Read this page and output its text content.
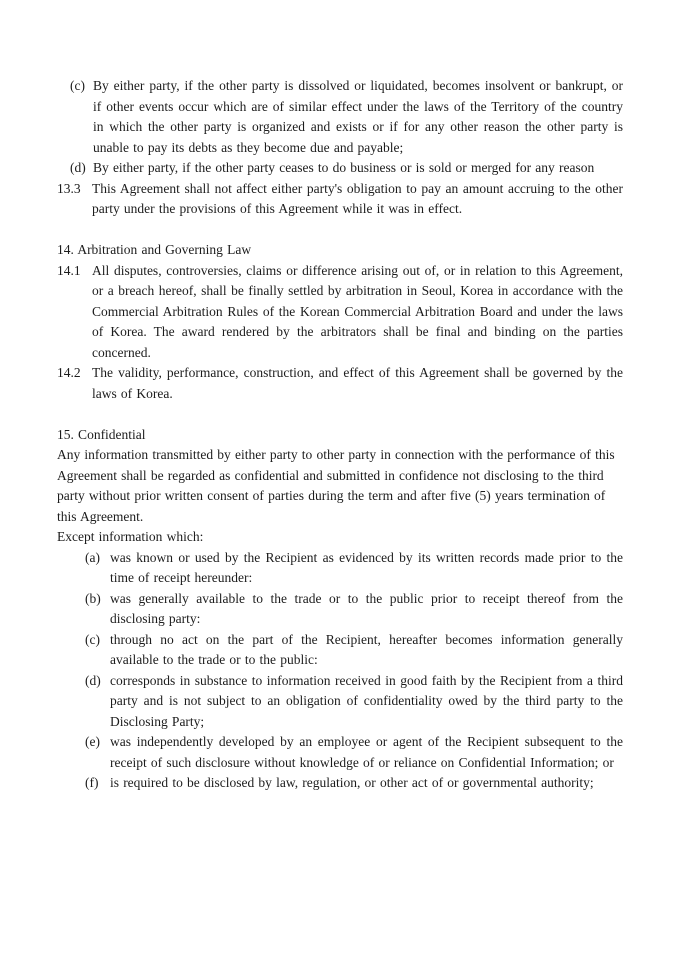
(c) By either party, if the other party is dissolved or liquidated, becomes insolvent or bankrupt, or if other events occur which are of similar effect under the laws of the Territory of the country in which the other party is organized and exists or if for any other reason the other party is unable to pay its debts as they become due and payable;
(d) By either party, if the other party ceases to do business or is sold or merged for any reason
13.3 This Agreement shall not affect either party's obligation to pay an amount accruing to the other party under the provisions of this Agreement while it was in effect.
14. Arbitration and Governing Law
14.1 All disputes, controversies, claims or difference arising out of, or in relation to this Agreement, or a breach hereof, shall be finally settled by arbitration in Seoul, Korea in accordance with the Commercial Arbitration Rules of the Korean Commercial Arbitration Board and under the laws of Korea. The award rendered by the arbitrators shall be final and binding on the parties concerned.
14.2 The validity, performance, construction, and effect of this Agreement shall be governed by the laws of Korea.
15. Confidential
Any information transmitted by either party to other party in connection with the performance of this Agreement shall be regarded as confidential and submitted in confidence not disclosing to the third party without prior written consent of parties during the term and after five (5) years termination of this Agreement.
Except information which:
(a) was known or used by the Recipient as evidenced by its written records made prior to the time of receipt hereunder:
(b) was generally available to the trade or to the public prior to receipt thereof from the disclosing party:
(c) through no act on the part of the Recipient, hereafter becomes information generally available to the trade or to the public:
(d) corresponds in substance to information received in good faith by the Recipient from a third party and is not subject to an obligation of confidentiality owed by the third party to the Disclosing Party;
(e) was independently developed by an employee or agent of the Recipient subsequent to the receipt of such disclosure without knowledge of or reliance on Confidential Information; or
(f) is required to be disclosed by law, regulation, or other act of or governmental authority;
